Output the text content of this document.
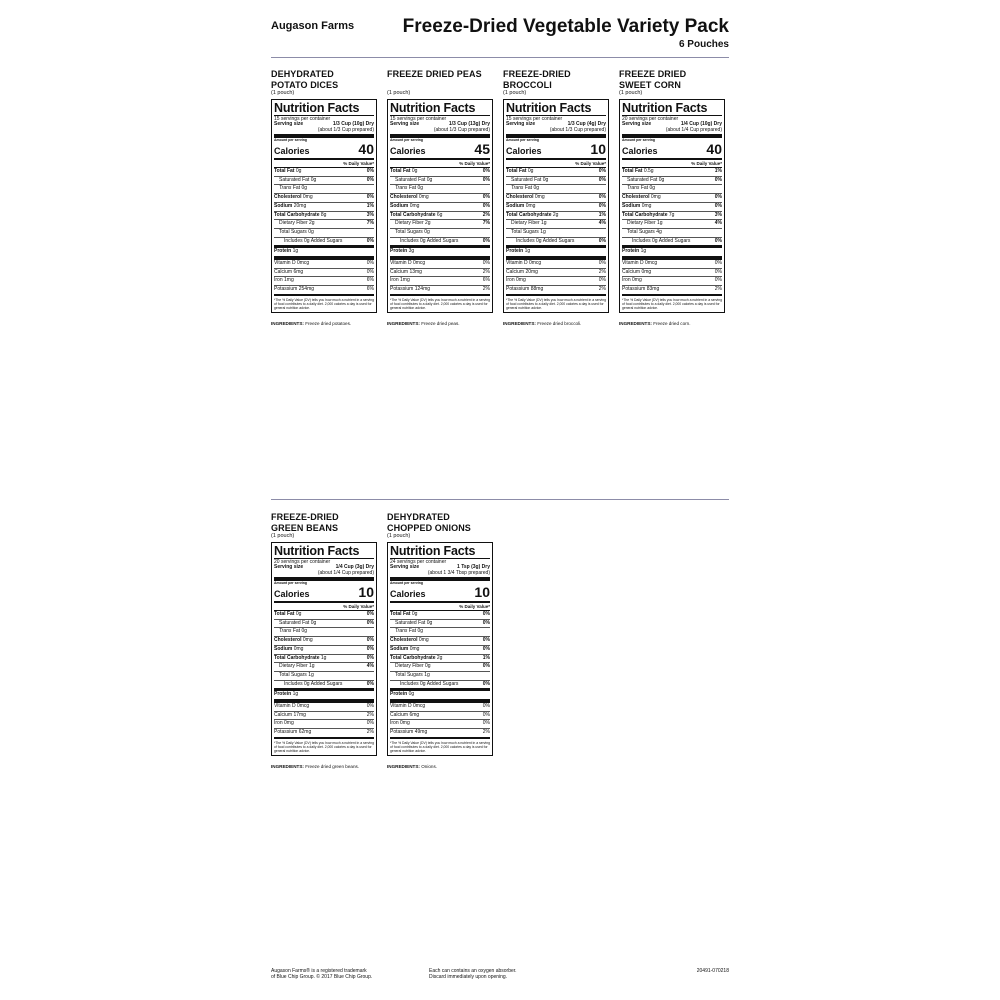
Augason Farms	Freeze-Dried Vegetable Variety Pack
6 Pouches
DEHYDRATED
POTATO DICES
(1 pouch)
Nutrition Facts
15 servings per container
Serving size	1/3 Cup (10g) Dry
(about 1/3 Cup prepared)
Amount per serving
Calories	40
% Daily Value*
Total Fat 0g	0%
Saturated Fat 0g	0%
Trans Fat 0g
Cholesterol 0mg	0%
Sodium 20mg	1%
Total Carbohydrate 8g	3%
Dietary Fiber 2g	7%
Total Sugars 0g
Includes 0g Added Sugars	0%
Protein 1g
Vitamin D 0mcg	0%
Calcium 6mg	0%
Iron 1mg	6%
Potassium 254mg	6%
*The % Daily Value (DV) tells you how much a nutrient in a serving of food contributes to a daily diet. 2,000 calories a day is used for general nutrition advice.
INGREDIENTS: Freeze dried potatoes.
FREEZE DRIED PEAS
(1 pouch)
Nutrition Facts
15 servings per container
Serving size	1/3 Cup (13g) Dry
(about 1/3 Cup prepared)
Amount per serving
Calories	45
% Daily Value*
Total Fat 0g	0%
Saturated Fat 0g	0%
Trans Fat 0g
Cholesterol 0mg	0%
Sodium 0mg	0%
Total Carbohydrate 6g	2%
Dietary Fiber 2g	7%
Total Sugars 0g
Includes 0g Added Sugars	0%
Protein 3g
Vitamin D 0mcg	0%
Calcium 13mg	2%
Iron 1mg	6%
Potassium 124mg	2%
*The % Daily Value (DV) tells you how much a nutrient in a serving of food contributes to a daily diet. 2,000 calories a day is used for general nutrition advice.
INGREDIENTS: Freeze dried peas.
FREEZE-DRIED
BROCCOLI
(1 pouch)
Nutrition Facts
15 servings per container
Serving size	1/3 Cup (4g) Dry
(about 1/3 Cup prepared)
Amount per serving
Calories	10
% Daily Value*
Total Fat 0g	0%
Saturated Fat 0g	0%
Trans Fat 0g
Cholesterol 0mg	0%
Sodium 0mg	0%
Total Carbohydrate 2g	1%
Dietary Fiber 1g	4%
Total Sugars 1g
Includes 0g Added Sugars	0%
Protein 1g
Vitamin D 0mcg	0%
Calcium 20mg	2%
Iron 0mg	0%
Potassium 88mg	2%
*The % Daily Value (DV) tells you how much a nutrient in a serving of food contributes to a daily diet. 2,000 calories a day is used for general nutrition advice.
INGREDIENTS: Freeze dried broccoli.
FREEZE DRIED
SWEET CORN
(1 pouch)
Nutrition Facts
20 servings per container
Serving size	1/4 Cup (10g) Dry
(about 1/4 Cup prepared)
Amount per serving
Calories	40
% Daily Value*
Total Fat 0.5g	1%
Saturated Fat 0g	0%
Trans Fat 0g
Cholesterol 0mg	0%
Sodium 0mg	0%
Total Carbohydrate 7g	3%
Dietary Fiber 1g	4%
Total Sugars 4g
Includes 0g Added Sugars	0%
Protein 1g
Vitamin D 0mcg	0%
Calcium 0mg	0%
Iron 0mg	0%
Potassium 83mg	2%
*The % Daily Value (DV) tells you how much a nutrient in a serving of food contributes to a daily diet. 2,000 calories a day is used for general nutrition advice.
INGREDIENTS: Freeze dried corn.
FREEZE-DRIED
GREEN BEANS
(1 pouch)
Nutrition Facts
20 servings per container
Serving size	1/4 Cup (3g) Dry
(about 1/4 Cup prepared)
Amount per serving
Calories	10
% Daily Value*
Total Fat 0g	0%
Saturated Fat 0g	0%
Trans Fat 0g
Cholesterol 0mg	0%
Sodium 0mg	0%
Total Carbohydrate 1g	0%
Dietary Fiber 1g	4%
Total Sugars 1g
Includes 0g Added Sugars	0%
Protein 1g
Vitamin D 0mcg	0%
Calcium 17mg	2%
Iron 0mg	0%
Potassium 62mg	2%
*The % Daily Value (DV) tells you how much a nutrient in a serving of food contributes to a daily diet. 2,000 calories a day is used for general nutrition advice.
INGREDIENTS: Freeze dried green beans.
DEHYDRATED
CHOPPED ONIONS
(1 pouch)
Nutrition Facts
24 servings per container
Serving size	1 Tsp (3g) Dry
(about 1 3/4 Tbsp prepared)
Amount per serving
Calories	10
% Daily Value*
Total Fat 0g	0%
Saturated Fat 0g	0%
Trans Fat 0g
Cholesterol 0mg	0%
Sodium 0mg	0%
Total Carbohydrate 2g	1%
Dietary Fiber 0g	0%
Total Sugars 1g
Includes 0g Added Sugars	0%
Protein 0g
Vitamin D 0mcg	0%
Calcium 6mg	0%
Iron 0mg	0%
Potassium 49mg	2%
*The % Daily Value (DV) tells you how much a nutrient in a serving of food contributes to a daily diet. 2,000 calories a day is used for general nutrition advice.
INGREDIENTS: Onions.
Augason Farms® is a registered trademark
of Blue Chip Group. © 2017 Blue Chip Group.
Each can contains an oxygen absorber.
Discard immediately upon opening.
20491-070218
